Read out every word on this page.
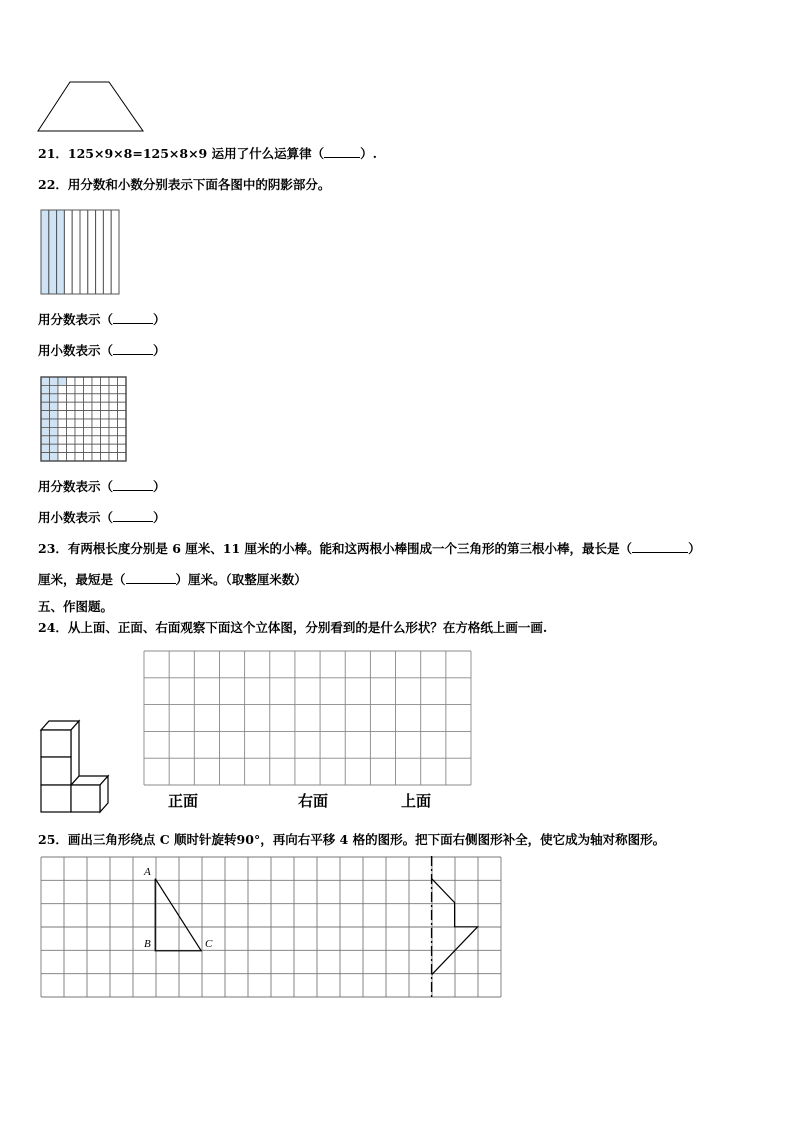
21．125×9×8=125×8×9 运用了什么运算律（	）.
22．用分数和小数分别表示下面各图中的阴影部分。
用分数表示（	）
用小数表示（	）
用分数表示（	）
用小数表示（	）
23．有两根长度分别是 6 厘米、11 厘米的小棒。能和这两根小棒围成一个三角形的第三根小棒，最长是（	）
厘米，最短是（	）厘米。（取整厘米数）
五、作图题。
24．从上面、正面、右面观察下面这个立体图，分别看到的是什么形状？在方格纸上画一画.
正面	右面	上面
25．画出三角形绕点 C 顺时针旋转90°，再向右平移 4 格的图形。把下面右侧图形补全，使它成为轴对称图形。
A
B	C
